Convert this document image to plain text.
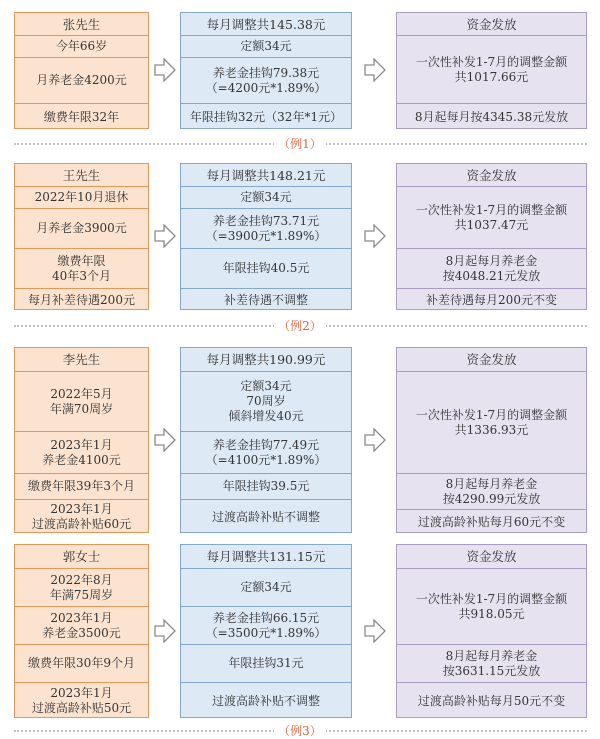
张先生
今年66岁
月养老金4200元
缴费年限32年
每月调整共145.38元
定额34元
养老金挂钩79.38元
（=4200元*1.89%）
年限挂钩32元（32年*1元）
资金发放
一次性补发1-7月的调整金额
共1017.66元
8月起每月按4345.38元发放
（例1）
王先生
2022年10月退休
月养老金3900元
缴费年限
40年3个月
每月补差待遇200元
每月调整共148.21元
定额34元
养老金挂钩73.71元
（=3900元*1.89%）
年限挂钩40.5元
补差待遇不调整
资金发放
一次性补发1-7月的调整金额
共1037.47元
8月起每月养老金
按4048.21元发放
补差待遇每月200元不变
（例2）
李先生
2022年5月
年满70周岁
2023年1月
养老金4100元
缴费年限39年3个月
2023年1月
过渡高龄补贴60元
每月调整共190.99元
定额34元
70周岁
倾斜增发40元
养老金挂钩77.49元
（=4100元*1.89%）
年限挂钩39.5元
过渡高龄补贴不调整
资金发放
一次性补发1-7月的调整金额
共1336.93元
8月起每月养老金
按4290.99元发放
过渡高龄补贴每月60元不变
郭女士
2022年8月
年满75周岁
2023年1月
养老金3500元
缴费年限30年9个月
2023年1月
过渡高龄补贴50元
每月调整共131.15元
定额34元
养老金挂钩66.15元
（=3500元*1.89%）
年限挂钩31元
过渡高龄补贴不调整
资金发放
一次性补发1-7月的调整金额
共918.05元
8月起每月养老金
按3631.15元发放
过渡高龄补贴每月50元不变
（例3）
